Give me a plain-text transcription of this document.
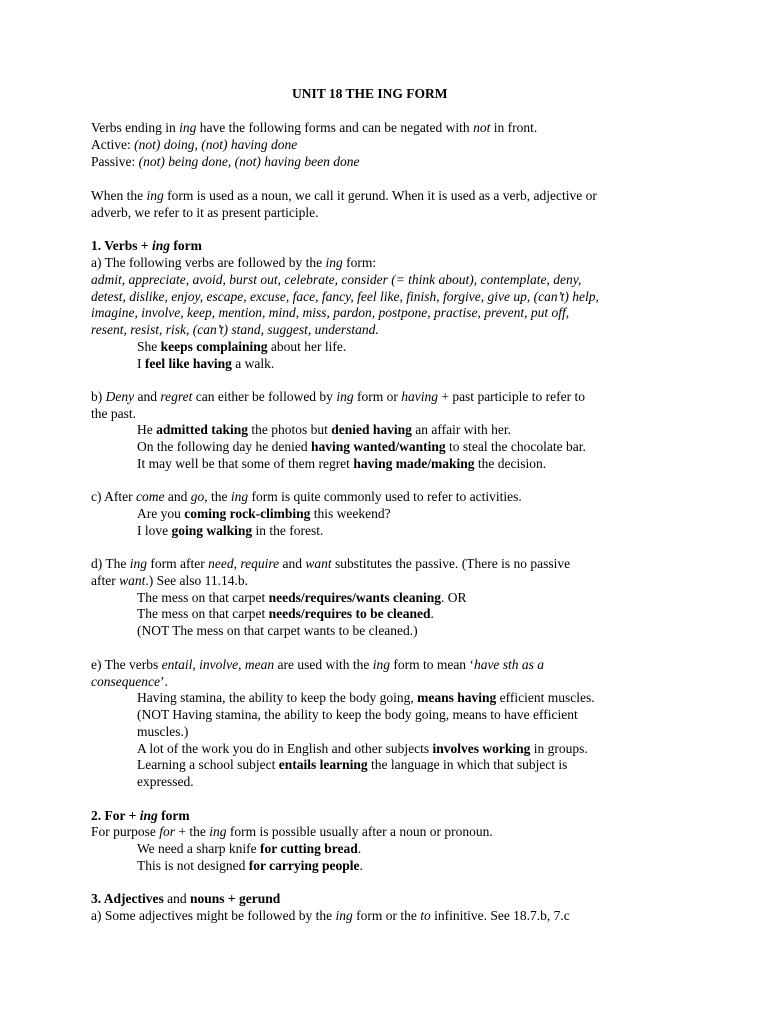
UNIT 18 THE ING FORM
Verbs ending in ing have the following forms and can be negated with not in front.
Active: (not) doing, (not) having done
Passive: (not) being done, (not) having been done
When the ing form is used as a noun, we call it gerund. When it is used as a verb, adjective or
adverb, we refer to it as present participle.
1. Verbs + ing form
a) The following verbs are followed by the ing form:
admit, appreciate, avoid, burst out, celebrate, consider (= think about), contemplate, deny,
detest, dislike, enjoy, escape, excuse, face, fancy, feel like, finish, forgive, give up, (can’t) help,
imagine, involve, keep, mention, mind, miss, pardon, postpone, practise, prevent, put off,
resent, resist, risk, (can’t) stand, suggest, understand.
She keeps complaining about her life.
I feel like having a walk.
b) Deny and regret can either be followed by ing form or having + past participle to refer to
the past.
He admitted taking the photos but denied having an affair with her.
On the following day he denied having wanted/wanting to steal the chocolate bar.
It may well be that some of them regret having made/making the decision.
c) After come and go, the ing form is quite commonly used to refer to activities.
Are you coming rock-climbing this weekend?
I love going walking in the forest.
d) The ing form after need, require and want substitutes the passive. (There is no passive
after want.) See also 11.14.b.
The mess on that carpet needs/requires/wants cleaning. OR
The mess on that carpet needs/requires to be cleaned.
(NOT The mess on that carpet wants to be cleaned.)
e) The verbs entail, involve, mean are used with the ing form to mean ‘have sth as a
consequence’.
Having stamina, the ability to keep the body going, means having efficient muscles.
(NOT Having stamina, the ability to keep the body going, means to have efficient
muscles.)
A lot of the work you do in English and other subjects involves working in groups.
Learning a school subject entails learning the language in which that subject is
expressed.
2. For + ing form
For purpose for + the ing form is possible usually after a noun or pronoun.
We need a sharp knife for cutting bread.
This is not designed for carrying people.
3. Adjectives and nouns + gerund
a) Some adjectives might be followed by the ing form or the to infinitive. See 18.7.b, 7.c
